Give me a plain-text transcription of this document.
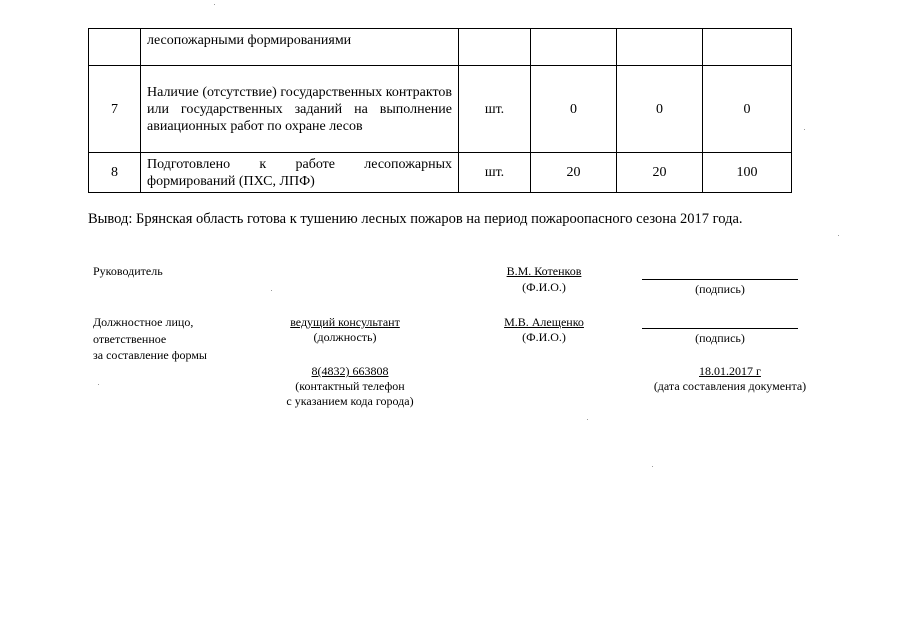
	лесопожарными формированиями				
7	Наличие (отсутствие) государственных контрактов или государственных заданий на выполнение авиационных работ по охране лесов	шт.	0	0	0
8	Подготовлено к работе лесопожарных формирований (ПХС, ЛПФ)	шт.	20	20	100
Вывод: Брянская область готова к тушению лесных пожаров на период пожароопасного сезона 2017 года.
Руководитель	В.М. Котенков
(Ф.И.О.)	(подпись)
Должностное лицо,
ответственное
за составление формы
ведущий консультант
(должность)
М.В. Алещенко
(Ф.И.О.)	(подпись)
8(4832) 663808
(контактный телефон
с указанием кода города)
18.01.2017 г
(дата составления документа)
